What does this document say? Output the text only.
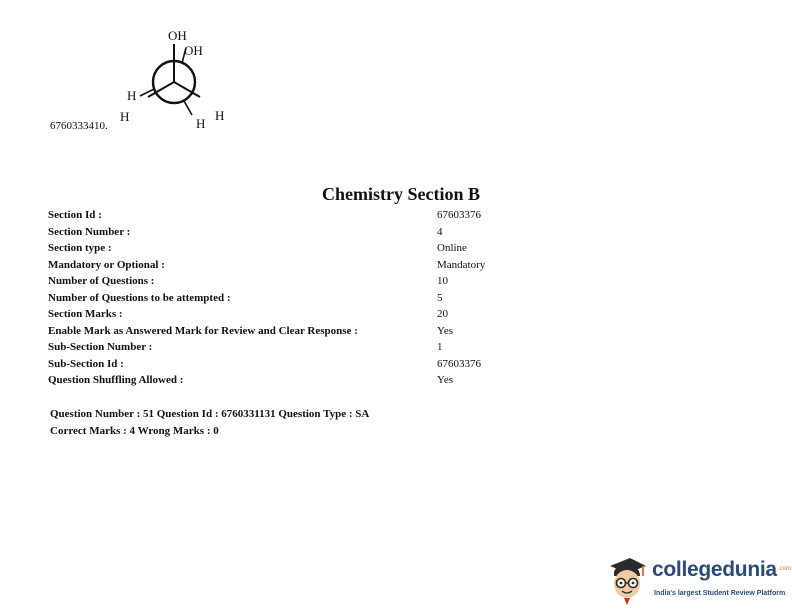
OH
OH
H
H	H
H
6760333410.
Chemistry Section B
Section Id :	67603376
Section Number :	4
Section type :	Online
Mandatory or Optional :	Mandatory
Number of Questions :	10
Number of Questions to be attempted :	5
Section Marks :	20
Enable Mark as Answered Mark for Review and Clear Response :	Yes
Sub-Section Number :	1
Sub-Section Id :	67603376
Question Shuffling Allowed :	Yes
Question Number : 51 Question Id : 6760331131 Question Type : SA
Correct Marks : 4 Wrong Marks : 0
collegedunia .com
India's largest Student Review Platform
